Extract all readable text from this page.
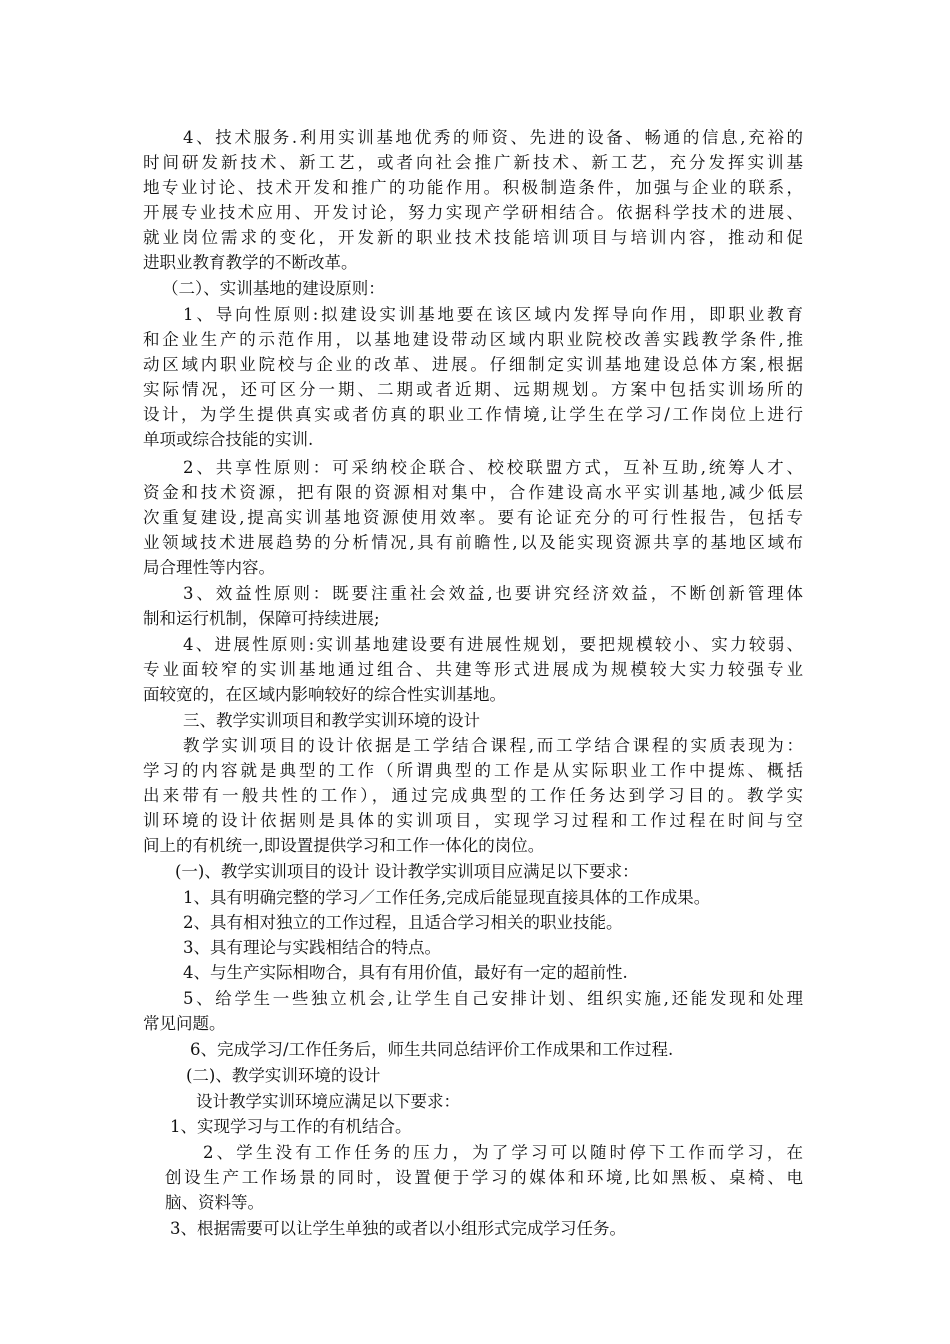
4、技术服务.利用实训基地优秀的师资、先进的设备、畅通的信息,充裕的
时间研发新技术、新工艺，或者向社会推广新技术、新工艺，充分发挥实训基
地专业讨论、技术开发和推广的功能作用。积极制造条件，加强与企业的联系，
开展专业技术应用、开发讨论，努力实现产学研相结合。依据科学技术的进展、
就业岗位需求的变化，开发新的职业技术技能培训项目与培训内容，推动和促
进职业教育教学的不断改革。
（二）、实训基地的建设原则：
1、导向性原则:拟建设实训基地要在该区域内发挥导向作用，即职业教育
和企业生产的示范作用，以基地建设带动区域内职业院校改善实践教学条件,推
动区域内职业院校与企业的改革、进展。仔细制定实训基地建设总体方案,根据
实际情况，还可区分一期、二期或者近期、远期规划。方案中包括实训场所的
设计，为学生提供真实或者仿真的职业工作情境,让学生在学习/工作岗位上进行
单项或综合技能的实训.
2、共享性原则：可采纳校企联合、校校联盟方式，互补互助,统筹人才、
资金和技术资源，把有限的资源相对集中，合作建设高水平实训基地,减少低层
次重复建设,提高实训基地资源使用效率。要有论证充分的可行性报告，包括专
业领域技术进展趋势的分析情况,具有前瞻性,以及能实现资源共享的基地区域布
局合理性等内容。
3、效益性原则：既要注重社会效益,也要讲究经济效益，不断创新管理体
制和运行机制，保障可持续进展;
4、进展性原则:实训基地建设要有进展性规划，要把规模较小、实力较弱、
专业面较窄的实训基地通过组合、共建等形式进展成为规模较大实力较强专业
面较宽的，在区域内影响较好的综合性实训基地。
三、教学实训项目和教学实训环境的设计
教学实训项目的设计依据是工学结合课程,而工学结合课程的实质表现为：
学习的内容就是典型的工作（所谓典型的工作是从实际职业工作中提炼、概括
出来带有一般共性的工作），通过完成典型的工作任务达到学习目的。教学实
训环境的设计依据则是具体的实训项目，实现学习过程和工作过程在时间与空
间上的有机统一,即设置提供学习和工作一体化的岗位。
(一)、教学实训项目的设计 设计教学实训项目应满足以下要求：
1、具有明确完整的学习／工作任务,完成后能显现直接具体的工作成果。
2、具有相对独立的工作过程，且适合学习相关的职业技能。
3、具有理论与实践相结合的特点。
4、与生产实际相吻合，具有有用价值，最好有一定的超前性.
5、给学生一些独立机会,让学生自己安排计划、组织实施,还能发现和处理
常见问题。
6、完成学习/工作任务后，师生共同总结评价工作成果和工作过程.
(二)、教学实训环境的设计
设计教学实训环境应满足以下要求：
1、实现学习与工作的有机结合。
2、学生没有工作任务的压力，为了学习可以随时停下工作而学习，在
创设生产工作场景的同时，设置便于学习的媒体和环境,比如黑板、桌椅、电
脑、资料等。
3、根据需要可以让学生单独的或者以小组形式完成学习任务。
